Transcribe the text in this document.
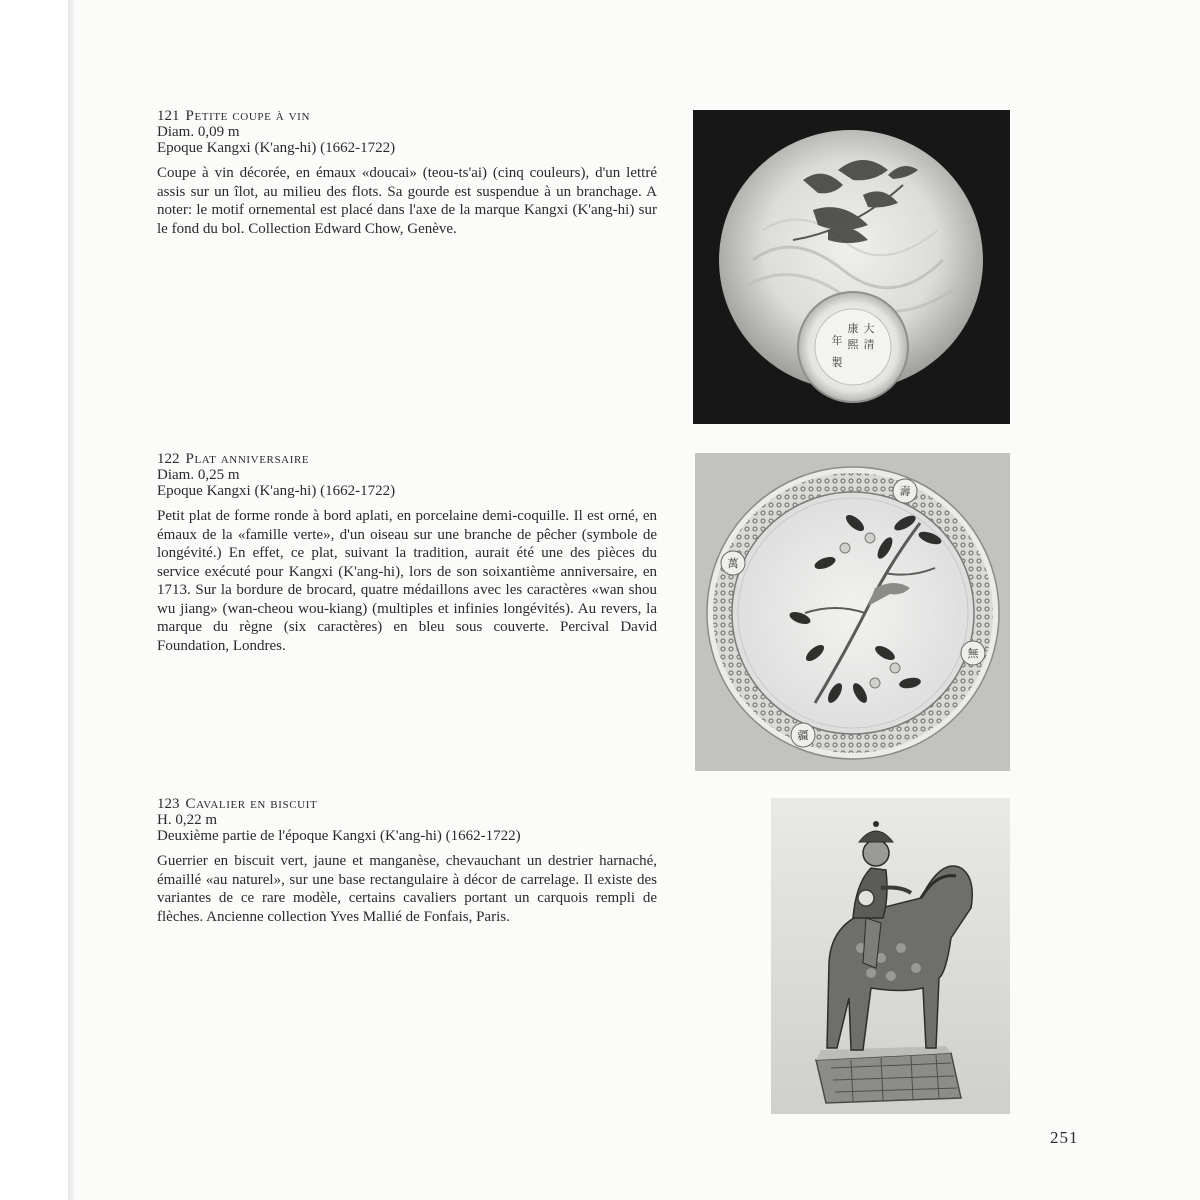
121 Petite coupe à vin

Diam. 0,09 m

Epoque Kangxi (K'ang-hi) (1662-1722)

Coupe à vin décorée, en émaux «doucai» (teou-ts'ai) (cinq couleurs), d'un lettré assis sur un îlot, au milieu des flots. Sa gourde est suspendue à un branchage. A noter: le motif ornemental est placé dans l'axe de la marque Kangxi (K'ang-hi) sur le fond du bol. Collection Edward Chow, Genève.

大
清
康
熙
年
製

122 Plat anniversaire

Diam. 0,25 m

Epoque Kangxi (K'ang-hi) (1662-1722)

Petit plat de forme ronde à bord aplati, en porcelaine demi-coquille. Il est orné, en émaux de la «famille verte», d'un oiseau sur une branche de pêcher (symbole de longévité.) En effet, ce plat, suivant la tradition, aurait été une des pièces du service exécuté pour Kangxi (K'ang-hi), lors de son soixantième anniversaire, en 1713. Sur la bordure de brocard, quatre médaillons avec les caractères «wan shou wu jiang» (wan-cheou wou-kiang) (multiples et infinies longévités). Au revers, la marque du règne (six caractères) en bleu sous couverte. Percival David Foundation, Londres.

萬
壽
無
疆

123 Cavalier en biscuit

H. 0,22 m

Deuxième partie de l'époque Kangxi (K'ang-hi) (1662-1722)

Guerrier en biscuit vert, jaune et manganèse, chevauchant un destrier harnaché, émaillé «au naturel», sur une base rectangulaire à décor de carrelage. Il existe des variantes de ce rare modèle, certains cavaliers portant un carquois rempli de flèches. Ancienne collection Yves Mallié de Fonfais, Paris.

251
